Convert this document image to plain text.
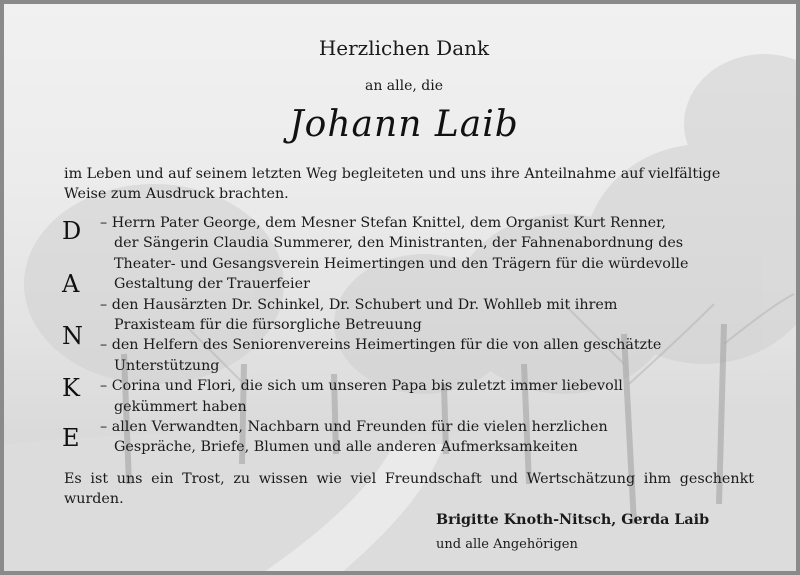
Herzlichen Dank
an alle, die
Johann Laib
im Leben und auf seinem letzten Weg begleiteten und uns ihre Anteilnahme auf vielfältige Weise zum Ausdruck brachten.
D
A
N
K
E
– Herrn Pater George, dem Mesner Stefan Knittel, dem Organist Kurt Renner,
der Sängerin Claudia Summerer, den Ministranten, der Fahnenabordnung des
Theater- und Gesangsverein Heimertingen und den Trägern für die würdevolle
Gestaltung der Trauerfeier
– den Hausärzten Dr. Schinkel, Dr. Schubert und Dr. Wohlleb mit ihrem
Praxisteam für die fürsorgliche Betreuung
– den Helfern des Seniorenvereins Heimertingen für die von allen geschätzte
Unterstützung
– Corina und Flori, die sich um unseren Papa bis zuletzt immer liebevoll
gekümmert haben
– allen Verwandten, Nachbarn und Freunden für die vielen herzlichen
Gespräche, Briefe, Blumen und alle anderen Aufmerksamkeiten
Es ist uns ein Trost, zu wissen wie viel Freundschaft und Wertschätzung ihm geschenkt wurden.
Brigitte Knoth-Nitsch, Gerda Laib
und alle Angehörigen
